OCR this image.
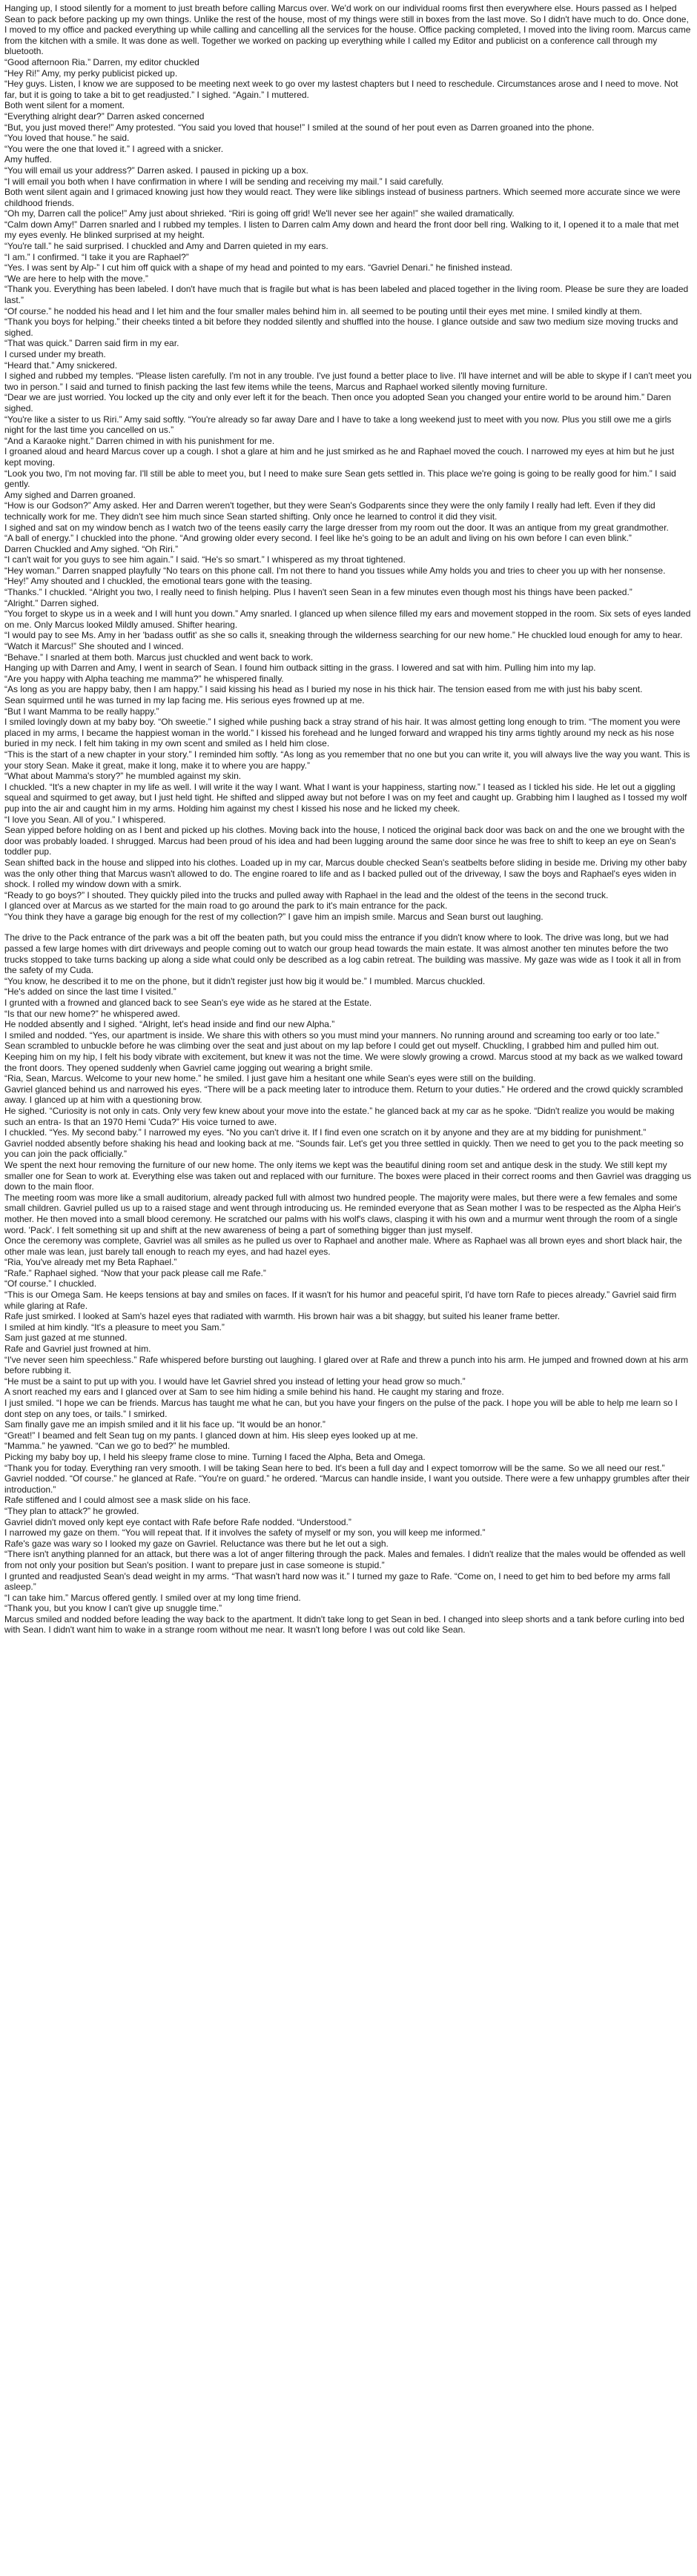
Hanging up, I stood silently for a moment to just breath before calling Marcus over. We'd work on our individual rooms first then everywhere else. Hours passed as I helped Sean to pack before packing up my own things. Unlike the rest of the house, most of my things were still in boxes from the last move. So I didn't have much to do. Once done, I moved to my office and packed everything up while calling and cancelling all the services for the house. Office packing completed, I moved into the living room. Marcus came from the kitchen with a smile. It was done as well. Together we worked on packing up everything while I called my Editor and publicist on a conference call through my bluetooth.

“Good afternoon Ria.” Darren, my editor chuckled

“Hey Ri!” Amy, my perky publicist picked up.

“Hey guys. Listen, I know we are supposed to be meeting next week to go over my lastest chapters but I need to reschedule. Circumstances arose and I need to move. Not far, but it is going to take a bit to get readjusted.” I sighed. “Again.” I muttered.

Both went silent for a moment.

“Everything alright dear?” Darren asked concerned

“But, you just moved there!” Amy protested. “You said you loved that house!” I smiled at the sound of her pout even as Darren groaned into the phone.

“You loved that house.” he said.

“You were the one that loved it.” I agreed with a snicker.

Amy huffed.

“You will email us your address?” Darren asked. I paused in picking up a box.

“I will email you both when I have confirmation in where I will be sending and receiving my mail.” I said carefully.

Both went silent again and I grimaced knowing just how they would react. They were like siblings instead of business partners. Which seemed more accurate since we were childhood friends.

“Oh my, Darren call the police!” Amy just about shrieked. “Riri is going off grid! We'll never see her again!” she wailed dramatically.

“Calm down Amy!” Darren snarled and I rubbed my temples. I listen to Darren calm Amy down and heard the front door bell ring. Walking to it, I opened it to a male that met my eyes evenly. He blinked surprised at my height.

“You're tall.” he said surprised. I chuckled and Amy and Darren quieted in my ears.

“I am.” I confirmed. “I take it you are Raphael?”

“Yes. I was sent by Alp-” I cut him off quick with a shape of my head and pointed to my ears. “Gavriel Denari.” he finished instead.

“We are here to help with the move.”

“Thank you. Everything has been labeled. I don't have much that is fragile but what is has been labeled and placed together in the living room. Please be sure they are loaded last.”

“Of course.” he nodded his head and I let him and the four smaller males behind him in. all seemed to be pouting until their eyes met mine. I smiled kindly at them.

“Thank you boys for helping.” their cheeks tinted a bit before they nodded silently and shuffled into the house. I glance outside and saw two medium size moving trucks and sighed.

“That was quick.” Darren said firm in my ear.

I cursed under my breath.

“Heard that.” Amy snickered.

I sighed and rubbed my temples. “Please listen carefully. I'm not in any trouble. I've just found a better place to live. I'll have internet and will be able to skype if I can't meet you two in person.” I said and turned to finish packing the last few items while the teens, Marcus and Raphael worked silently moving furniture.

“Dear we are just worried. You locked up the city and only ever left it for the beach. Then once you adopted Sean you changed your entire world to be around him.” Daren sighed.

“You're like a sister to us Riri.” Amy said softly. “You're already so far away Dare and I have to take a long weekend just to meet with you now. Plus you still owe me a girls night for the last time you cancelled on us.”

“And a Karaoke night.” Darren chimed in with his punishment for me.

I groaned aloud and heard Marcus cover up a cough. I shot a glare at him and he just smirked as he and Raphael moved the couch. I narrowed my eyes at him but he just kept moving.

“Look you two, I'm not moving far. I'll still be able to meet you, but I need to make sure Sean gets settled in. This place we're going is going to be really good for him.” I said gently.

Amy sighed and Darren groaned.

“How is our Godson?” Amy asked. Her and Darren weren't together, but they were Sean's Godparents since they were the only family I really had left. Even if they did technically work for me. They didn't see him much since Sean started shifting. Only once he learned to control it did they visit.

I sighed and sat on my window bench as I watch two of the teens easily carry the large dresser from my room out the door. It was an antique from my great grandmother.

“A ball of energy.” I chuckled into the phone. “And growing older every second. I feel like he's going to be an adult and living on his own before I can even blink.”

Darren Chuckled and Amy sighed. “Oh Riri.”

“I can't wait for you guys to see him again.” I said. “He's so smart.” I whispered as my throat tightened.

“Hey woman.” Darren snapped playfully “No tears on this phone call. I'm not there to hand you tissues while Amy holds you and tries to cheer you up with her nonsense.

“Hey!” Amy shouted and I chuckled, the emotional tears gone with the teasing.

“Thanks.” I chuckled. “Alright you two, I really need to finish helping. Plus I haven't seen Sean in a few minutes even though most his things have been packed.”

“Alright.” Darren sighed.

“You forget to skype us in a week and I will hunt you down.” Amy snarled. I glanced up when silence filled my ears and movement stopped in the room. Six sets of eyes landed on me. Only Marcus looked Mildly amused. Shifter hearing.

“I would pay to see Ms. Amy in her 'badass outfit' as she so calls it, sneaking through the wilderness searching for our new home.” He chuckled loud enough for amy to hear.

“Watch it Marcus!” She shouted and I winced.

“Behave.” I snarled at them both. Marcus just chuckled and went back to work.

Hanging up with Darren and Amy, I went in search of Sean. I found him outback sitting in the grass. I lowered and sat with him. Pulling him into my lap.

“Are you happy with Alpha teaching me mamma?” he whispered finally.

“As long as you are happy baby, then I am happy.” I said kissing his head as I buried my nose in his thick hair. The tension eased from me with just his baby scent.

Sean squirmed until he was turned in my lap facing me. His serious eyes frowned up at me.

“But I want Mamma to be really happy.”

I smiled lovingly down at my baby boy. “Oh sweetie.” I sighed while pushing back a stray strand of his hair. It was almost getting long enough to trim. “The moment you were placed in my arms, I became the happiest woman in the world.” I kissed his forehead and he lunged forward and wrapped his tiny arms tightly around my neck as his nose buried in my neck. I felt him taking in my own scent and smiled as I held him close.

“This is the start of a new chapter in your story.” I reminded him softly. “As long as you remember that no one but you can write it, you will always live the way you want. This is your story Sean. Make it great, make it long, make it to where you are happy.”

“What about Mamma's story?” he mumbled against my skin.

I chuckled. “It's a new chapter in my life as well. I will write it the way I want. What I want is your happiness, starting now.” I teased as I tickled his side. He let out a giggling squeal and squirmed to get away, but I just held tight. He shifted and slipped away but not before I was on my feet and caught up. Grabbing him I laughed as I tossed my wolf pup into the air and caught him in my arms. Holding him against my chest I kissed his nose and he licked my cheek.

“I love you Sean. All of you.” I whispered.

Sean yipped before holding on as I bent and picked up his clothes. Moving back into the house, I noticed the original back door was back on and the one we brought with the door was probably loaded. I shrugged. Marcus had been proud of his idea and had been lugging around the same door since he was free to shift to keep an eye on Sean's toddler pup.

Sean shifted back in the house and slipped into his clothes. Loaded up in my car, Marcus double checked Sean's seatbelts before sliding in beside me. Driving my other baby was the only other thing that Marcus wasn't allowed to do. The engine roared to life and as I backed pulled out of the driveway, I saw the boys and Raphael's eyes widen in shock. I rolled my window down with a smirk.

“Ready to go boys?” I shouted. They quickly piled into the trucks and pulled away with Raphael in the lead and the oldest of the teens in the second truck.

I glanced over at Marcus as we started for the main road to go around the park to it's main entrance for the pack.

“You think they have a garage big enough for the rest of my collection?” I gave him an impish smile. Marcus and Sean burst out laughing.

The drive to the Pack entrance of the park was a bit off the beaten path, but you could miss the entrance if you didn't know where to look. The drive was long, but we had passed a few large homes with dirt driveways and people coming out to watch our group head towards the main estate. It was almost another ten minutes before the two trucks stopped to take turns backing up along a side what could only be described as a log cabin retreat. The building was massive. My gaze was wide as I took it all in from the safety of my Cuda.

“You know, he described it to me on the phone, but it didn't register just how big it would be.” I mumbled. Marcus chuckled.

“He's added on since the last time I visited.”

I grunted with a frowned and glanced back to see Sean's eye wide as he stared at the Estate.

“Is that our new home?” he whispered awed.

He nodded absently and I sighed. “Alright, let's head inside and find our new Alpha.”

I smiled and nodded. “Yes, our apartment is inside. We share this with others so you must mind your manners. No running around and screaming too early or too late.”

Sean scrambled to unbuckle before he was climbing over the seat and just about on my lap before I could get out myself. Chuckling, I grabbed him and pulled him out. Keeping him on my hip, I felt his body vibrate with excitement, but knew it was not the time. We were slowly growing a crowd. Marcus stood at my back as we walked toward the front doors. They opened suddenly when Gavriel came jogging out wearing a bright smile.

“Ria, Sean, Marcus. Welcome to your new home.” he smiled. I just gave him a hesitant one while Sean's eyes were still on the building.

Gavriel glanced behind us and narrowed his eyes. “There will be a pack meeting later to introduce them. Return to your duties.” He ordered and the crowd quickly scrambled away. I glanced up at him with a questioning brow.

He sighed. “Curiosity is not only in cats. Only very few knew about your move into the estate.” he glanced back at my car as he spoke. “Didn't realize you would be making such an entra- Is that an 1970 Hemi 'Cuda?” His voice turned to awe.

I chuckled. “Yes. My second baby.” I narrowed my eyes. “No you can't drive it. If I find even one scratch on it by anyone and they are at my bidding for punishment.”

Gavriel nodded absently before shaking his head and looking back at me. “Sounds fair. Let's get you three settled in quickly. Then we need to get you to the pack meeting so you can join the pack officially.”

We spent the next hour removing the furniture of our new home. The only items we kept was the beautiful dining room set and antique desk in the study. We still kept my smaller one for Sean to work at. Everything else was taken out and replaced with our furniture. The boxes were placed in their correct rooms and then Gavriel was dragging us down to the main floor.

The meeting room was more like a small auditorium, already packed full with almost two hundred people. The majority were males, but there were a few females and some small children. Gavriel pulled us up to a raised stage and went through introducing us. He reminded everyone that as Sean mother I was to be respected as the Alpha Heir's mother. He then moved into a small blood ceremony. He scratched our palms with his wolf's claws, clasping it with his own and a murmur went through the room of a single word. 'Pack'. I felt something sit up and shift at the new awareness of being a part of something bigger than just myself.

Once the ceremony was complete, Gavriel was all smiles as he pulled us over to Raphael and another male. Where as Raphael was all brown eyes and short black hair, the other male was lean, just barely tall enough to reach my eyes, and had hazel eyes.

“Ria, You've already met my Beta Raphael.”

“Rafe.” Raphael sighed. “Now that your pack please call me Rafe.”

“Of course.” I chuckled.

“This is our Omega Sam. He keeps tensions at bay and smiles on faces. If it wasn't for his humor and peaceful spirit, I'd have torn Rafe to pieces already.” Gavriel said firm while glaring at Rafe.

Rafe just smirked. I looked at Sam's hazel eyes that radiated with warmth. His brown hair was a bit shaggy, but suited his leaner frame better.

I smiled at him kindly. “It's a pleasure to meet you Sam.”

Sam just gazed at me stunned.

Rafe and Gavriel just frowned at him.

“I've never seen him speechless.” Rafe whispered before bursting out laughing. I glared over at Rafe and threw a punch into his arm. He jumped and frowned down at his arm before rubbing it.

“He must be a saint to put up with you. I would have let Gavriel shred you instead of letting your head grow so much.”

A snort reached my ears and I glanced over at Sam to see him hiding a smile behind his hand. He caught my staring and froze.

I just smiled. “I hope we can be friends. Marcus has taught me what he can, but you have your fingers on the pulse of the pack. I hope you will be able to help me learn so I dont step on any toes, or tails.” I smirked.

Sam finally gave me an impish smiled and it lit his face up. “It would be an honor.”

“Great!” I beamed and felt Sean tug on my pants. I glanced down at him. His sleep eyes looked up at me.

“Mamma.” he yawned. “Can we go to bed?” he mumbled.

Picking my baby boy up, I held his sleepy frame close to mine. Turning I faced the Alpha, Beta and Omega.

“Thank you for today. Everything ran very smooth. I will be taking Sean here to bed. It's been a full day and I expect tomorrow will be the same. So we all need our rest.”

Gavriel nodded. “Of course.” he glanced at Rafe. “You're on guard.” he ordered. “Marcus can handle inside, I want you outside. There were a few unhappy grumbles after their introduction.”

Rafe stiffened and I could almost see a mask slide on his face.

“They plan to attack?” he growled.

Gavriel didn't moved only kept eye contact with Rafe before Rafe nodded. “Understood.”

I narrowed my gaze on them. “You will repeat that. If it involves the safety of myself or my son, you will keep me informed.”

Rafe's gaze was wary so I looked my gaze on Gavriel. Reluctance was there but he let out a sigh.

“There isn't anything planned for an attack, but there was a lot of anger filtering through the pack. Males and females. I didn't realize that the males would be offended as well from not only your position but Sean's position. I want to prepare just in case someone is stupid.”

I grunted and readjusted Sean's dead weight in my arms. “That wasn't hard now was it.” I turned my gaze to Rafe. “Come on, I need to get him to bed before my arms fall asleep.”

“I can take him.” Marcus offered gently. I smiled over at my long time friend.

“Thank you, but you know I can't give up snuggle time.”

Marcus smiled and nodded before leading the way back to the apartment. It didn't take long to get Sean in bed. I changed into sleep shorts and a tank before curling into bed with Sean. I didn't want him to wake in a strange room without me near. It wasn't long before I was out cold like Sean.
